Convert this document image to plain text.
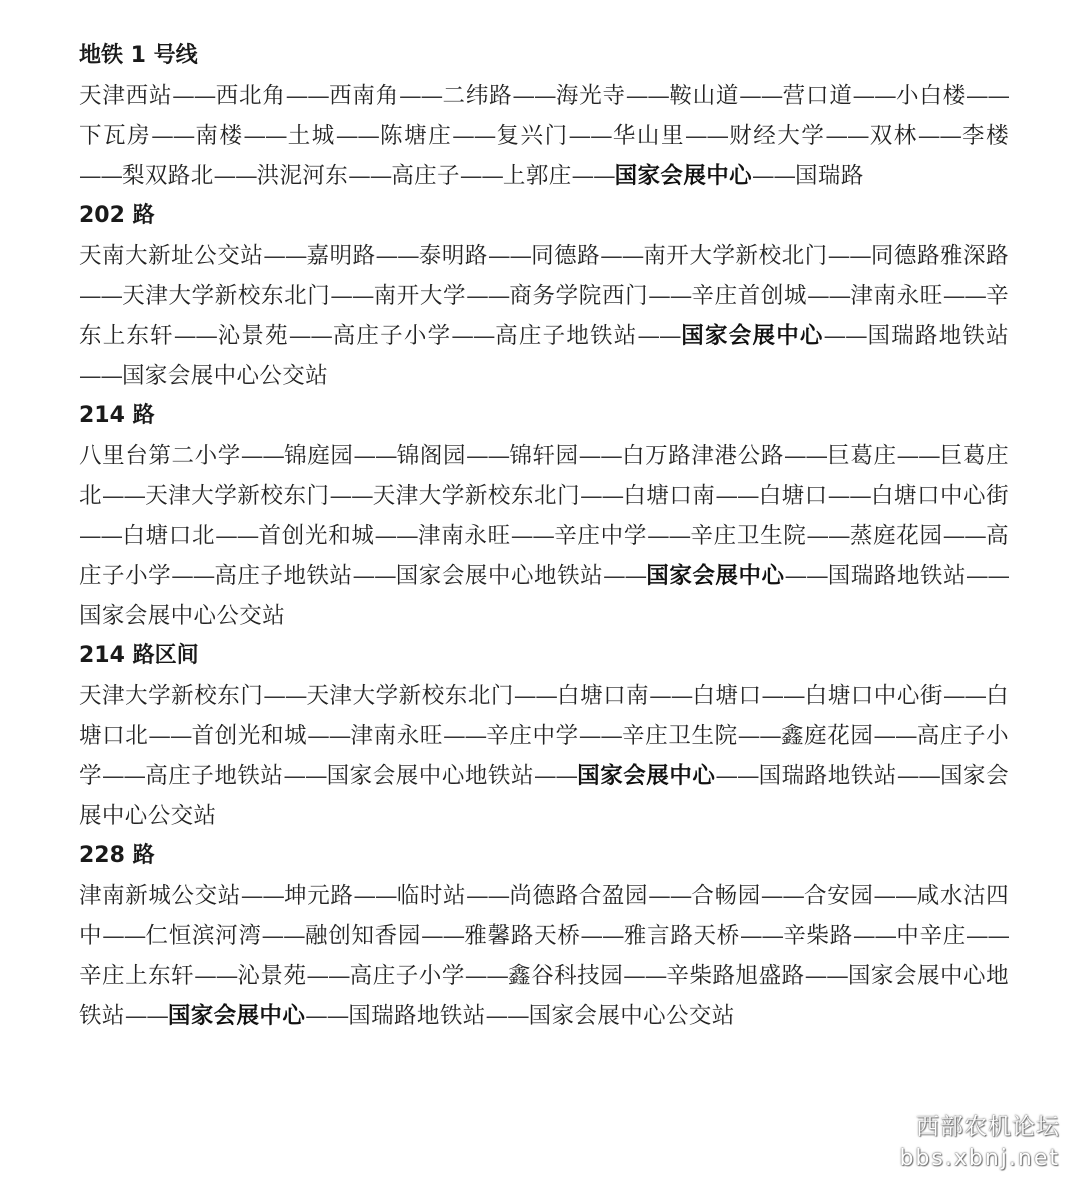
地铁 1 号线

天津西站——西北角——西南角——二纬路——海光寺——鞍山道——营口道——小白楼——下瓦房——南楼——土城——陈塘庄——复兴门——华山里——财经大学——双林——李楼——梨双路北——洪泥河东——高庄子——上郭庄——国家会展中心——国瑞路

202 路

天南大新址公交站——嘉明路——泰明路——同德路——南开大学新校北门——同德路雅深路——天津大学新校东北门——南开大学——商务学院西门——辛庄首创城——津南永旺——辛东上东轩——沁景苑——高庄子小学——高庄子地铁站——国家会展中心——国瑞路地铁站——国家会展中心公交站

214 路

八里台第二小学——锦庭园——锦阁园——锦轩园——白万路津港公路——巨葛庄——巨葛庄北——天津大学新校东门——天津大学新校东北门——白塘口南——白塘口——白塘口中心街——白塘口北——首创光和城——津南永旺——辛庄中学——辛庄卫生院——蒸庭花园——高庄子小学——高庄子地铁站——国家会展中心地铁站——国家会展中心——国瑞路地铁站——国家会展中心公交站

214 路区间

天津大学新校东门——天津大学新校东北门——白塘口南——白塘口——白塘口中心街——白塘口北——首创光和城——津南永旺——辛庄中学——辛庄卫生院——鑫庭花园——高庄子小学——高庄子地铁站——国家会展中心地铁站——国家会展中心——国瑞路地铁站——国家会展中心公交站

228 路

津南新城公交站——坤元路——临时站——尚德路合盈园——合畅园——合安园——咸水沽四中——仁恒滨河湾——融创知香园——雅馨路天桥——雅言路天桥——辛柴路——中辛庄——辛庄上东轩——沁景苑——高庄子小学——鑫谷科技园——辛柴路旭盛路——国家会展中心地铁站——国家会展中心——国瑞路地铁站——国家会展中心公交站

西部农机论坛
bbs.xbnj.net
